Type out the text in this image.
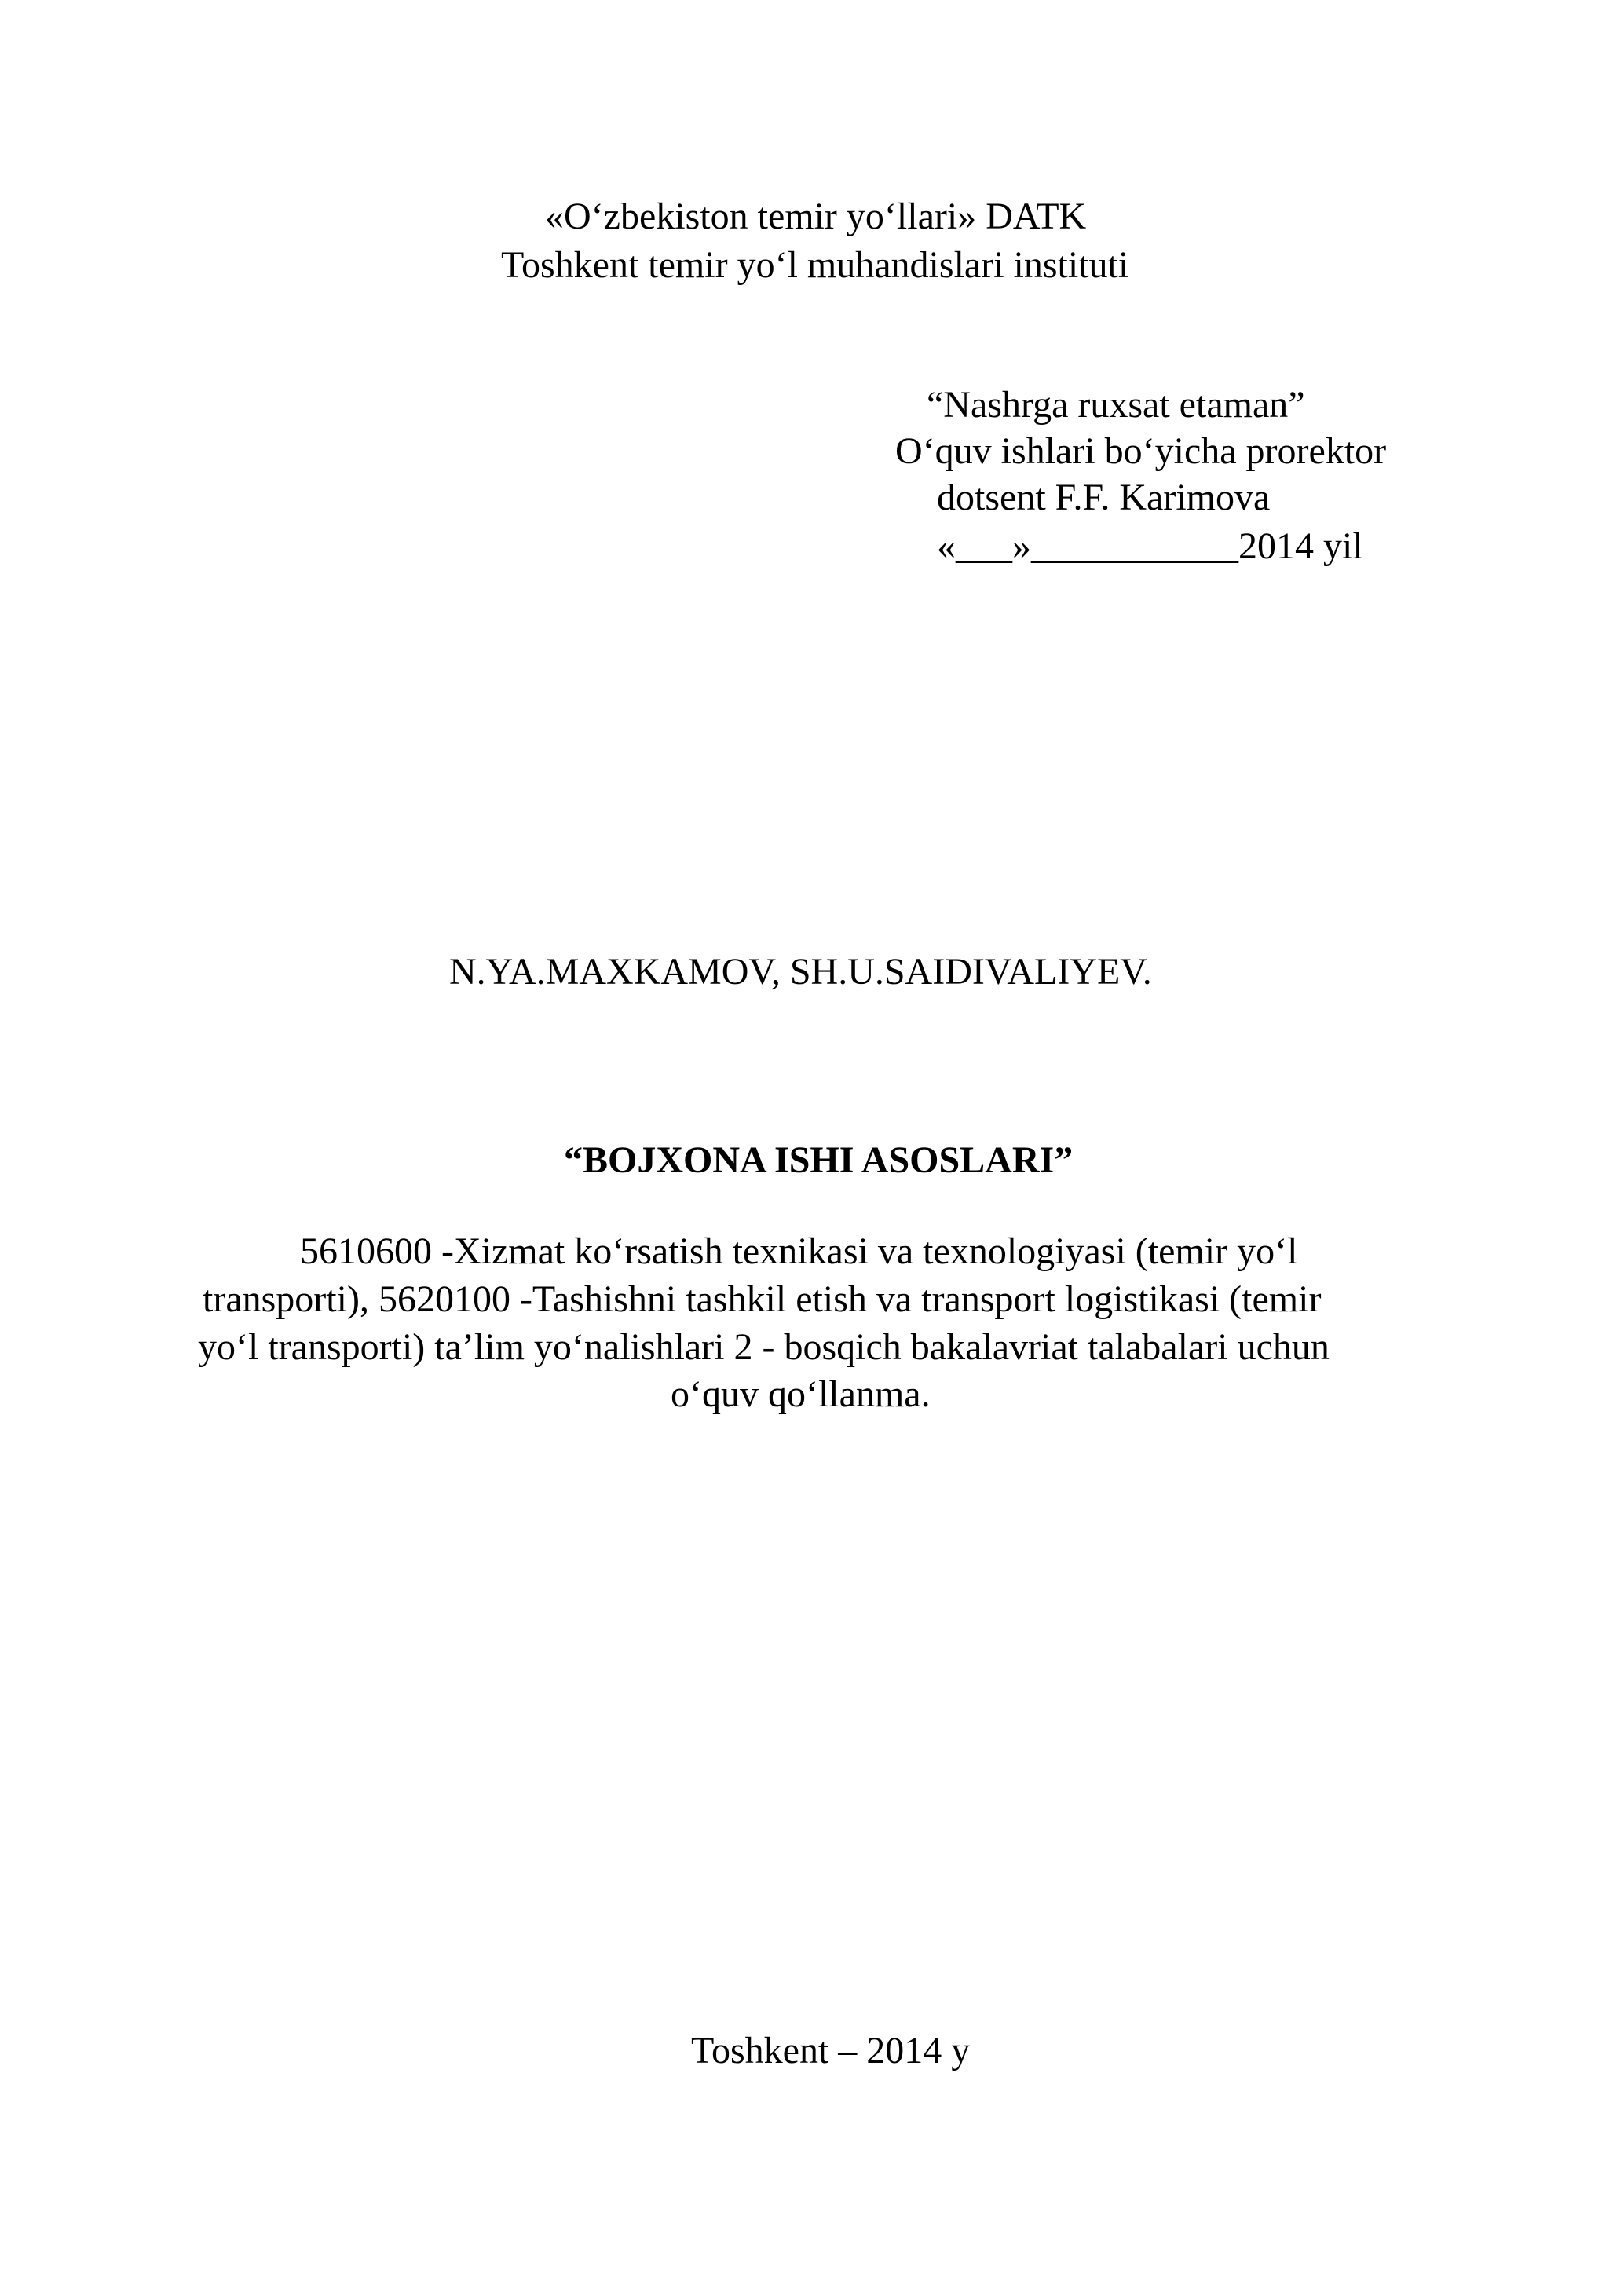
«O‘zbekiston temir yo‘llari» DATK
Toshkent temir yo‘l muhandislari instituti
“Nashrga ruxsat etaman”
O‘quv ishlari bo‘yicha prorektor
dotsent F.F. Karimova
«___»___________2014 yil
N.YA.MAXKAMOV, SH.U.SAIDIVALIYEV.
“BOJXONA ISHI ASOSLARI”
5610600 -Xizmat ko‘rsatish texnikasi va texnologiyasi (temir yo‘l
transporti), 5620100 -Tashishni tashkil etish va transport logistikasi (temir
yo‘l transporti) ta’lim yo‘nalishlari 2 - bosqich bakalavriat talabalari uchun
o‘quv qo‘llanma.
Toshkent – 2014 y
